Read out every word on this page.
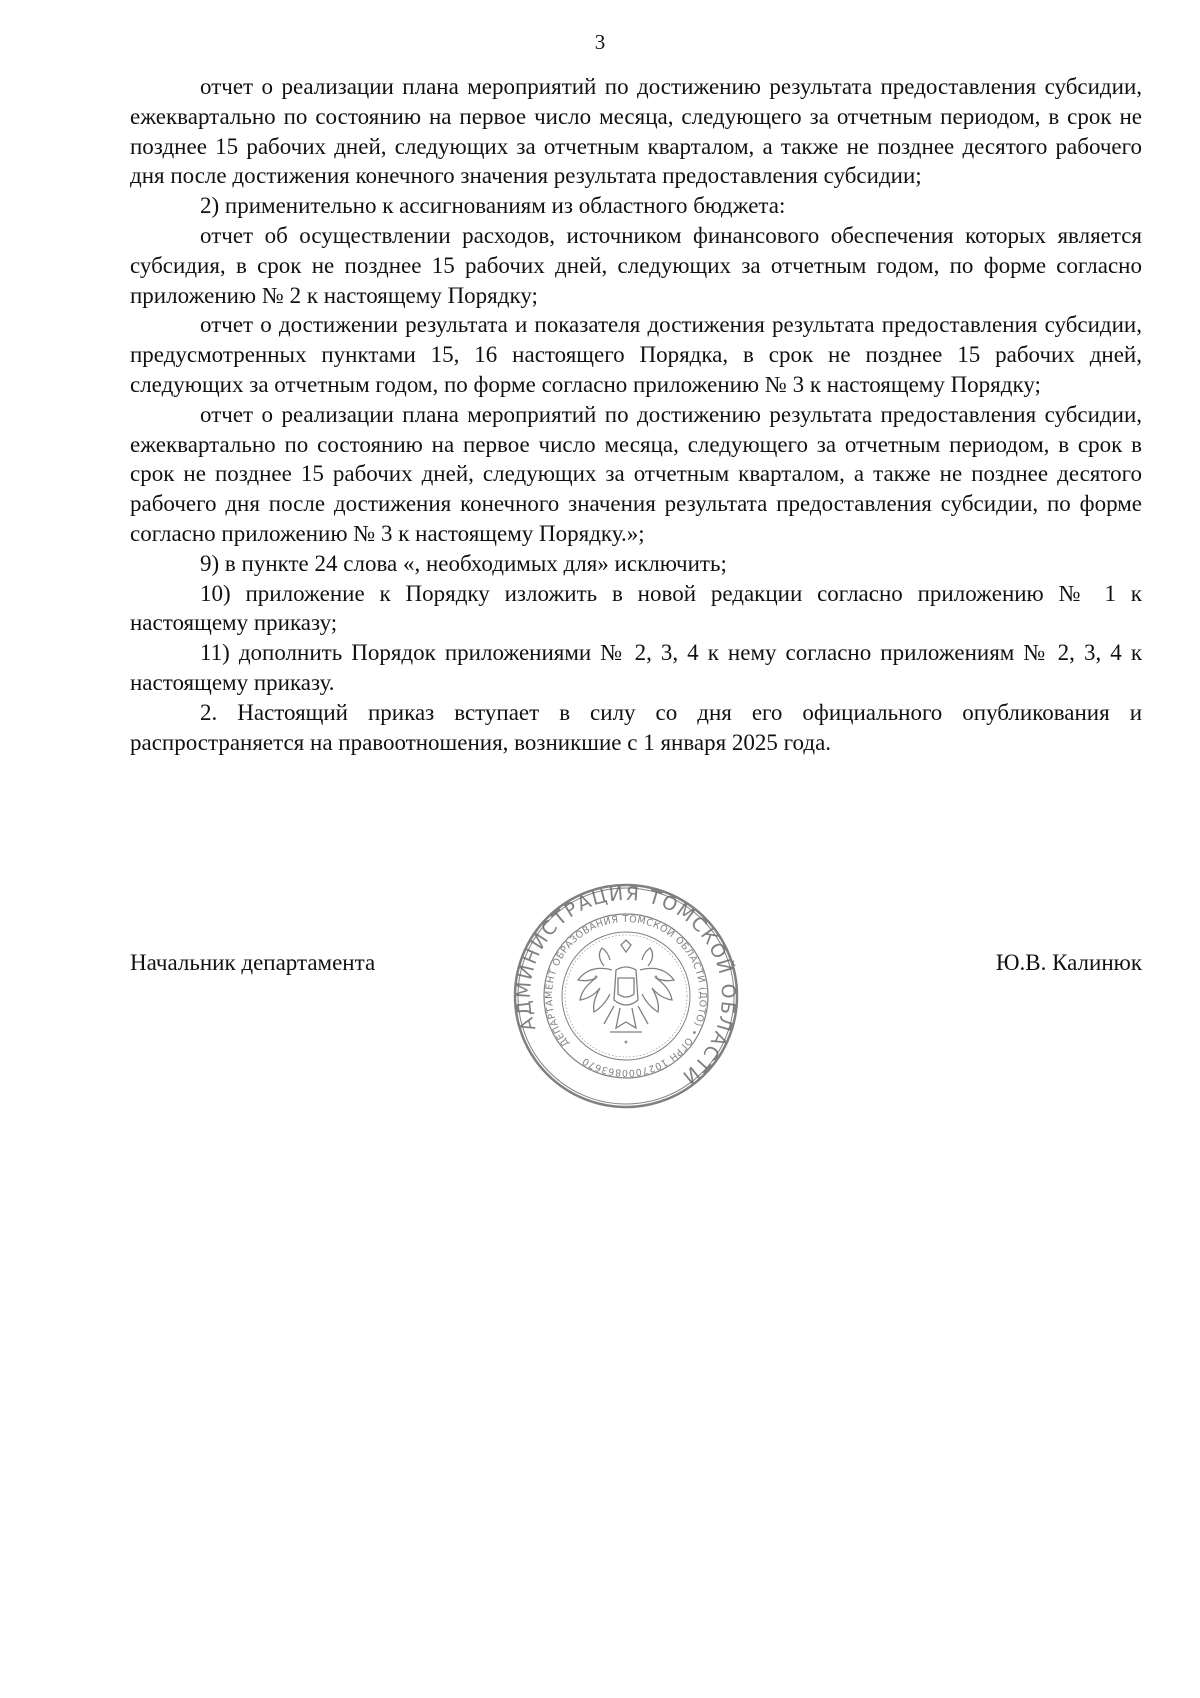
3

отчет о реализации плана мероприятий по достижению результата предоставления субсидии, ежеквартально по состоянию на первое число месяца, следующего за отчетным периодом, в срок не позднее 15 рабочих дней, следующих за отчетным кварталом, а также не позднее десятого рабочего дня после достижения конечного значения результата предоставления субсидии;

2) применительно к ассигнованиям из областного бюджета:

отчет об осуществлении расходов, источником финансового обеспечения которых является субсидия, в срок не позднее 15 рабочих дней, следующих за отчетным годом, по форме согласно приложению № 2 к настоящему Порядку;

отчет о достижении результата и показателя достижения результата предоставления субсидии, предусмотренных пунктами 15, 16 настоящего Порядка, в срок не позднее 15 рабочих дней, следующих за отчетным годом, по форме согласно приложению № 3 к настоящему Порядку;

отчет о реализации плана мероприятий по достижению результата предоставления субсидии, ежеквартально по состоянию на первое число месяца, следующего за отчетным периодом, в срок в срок не позднее 15 рабочих дней, следующих за отчетным кварталом, а также не позднее десятого рабочего дня после достижения конечного значения результата предоставления субсидии, по форме согласно приложению № 3 к настоящему Порядку.»;

9) в пункте 24 слова «, необходимых для» исключить;

10) приложение к Порядку изложить в новой редакции согласно приложению № 1 к настоящему приказу;

11) дополнить Порядок приложениями № 2, 3, 4 к нему согласно приложениям № 2, 3, 4 к настоящему приказу.

2. Настоящий приказ вступает в силу со дня его официального опубликования и распространяется на правоотношения, возникшие с 1 января 2025 года.

Начальник департамента	Ю.В. Калинюк
АДМИНИСТРАЦИЯ ТОМСКОЙ ОБЛАСТИ
ДЕПАРТАМЕНТ ОБРАЗОВАНИЯ ТОМСКОЙ ОБЛАСТИ (ДОТО) • ОГРН 1027000863670
